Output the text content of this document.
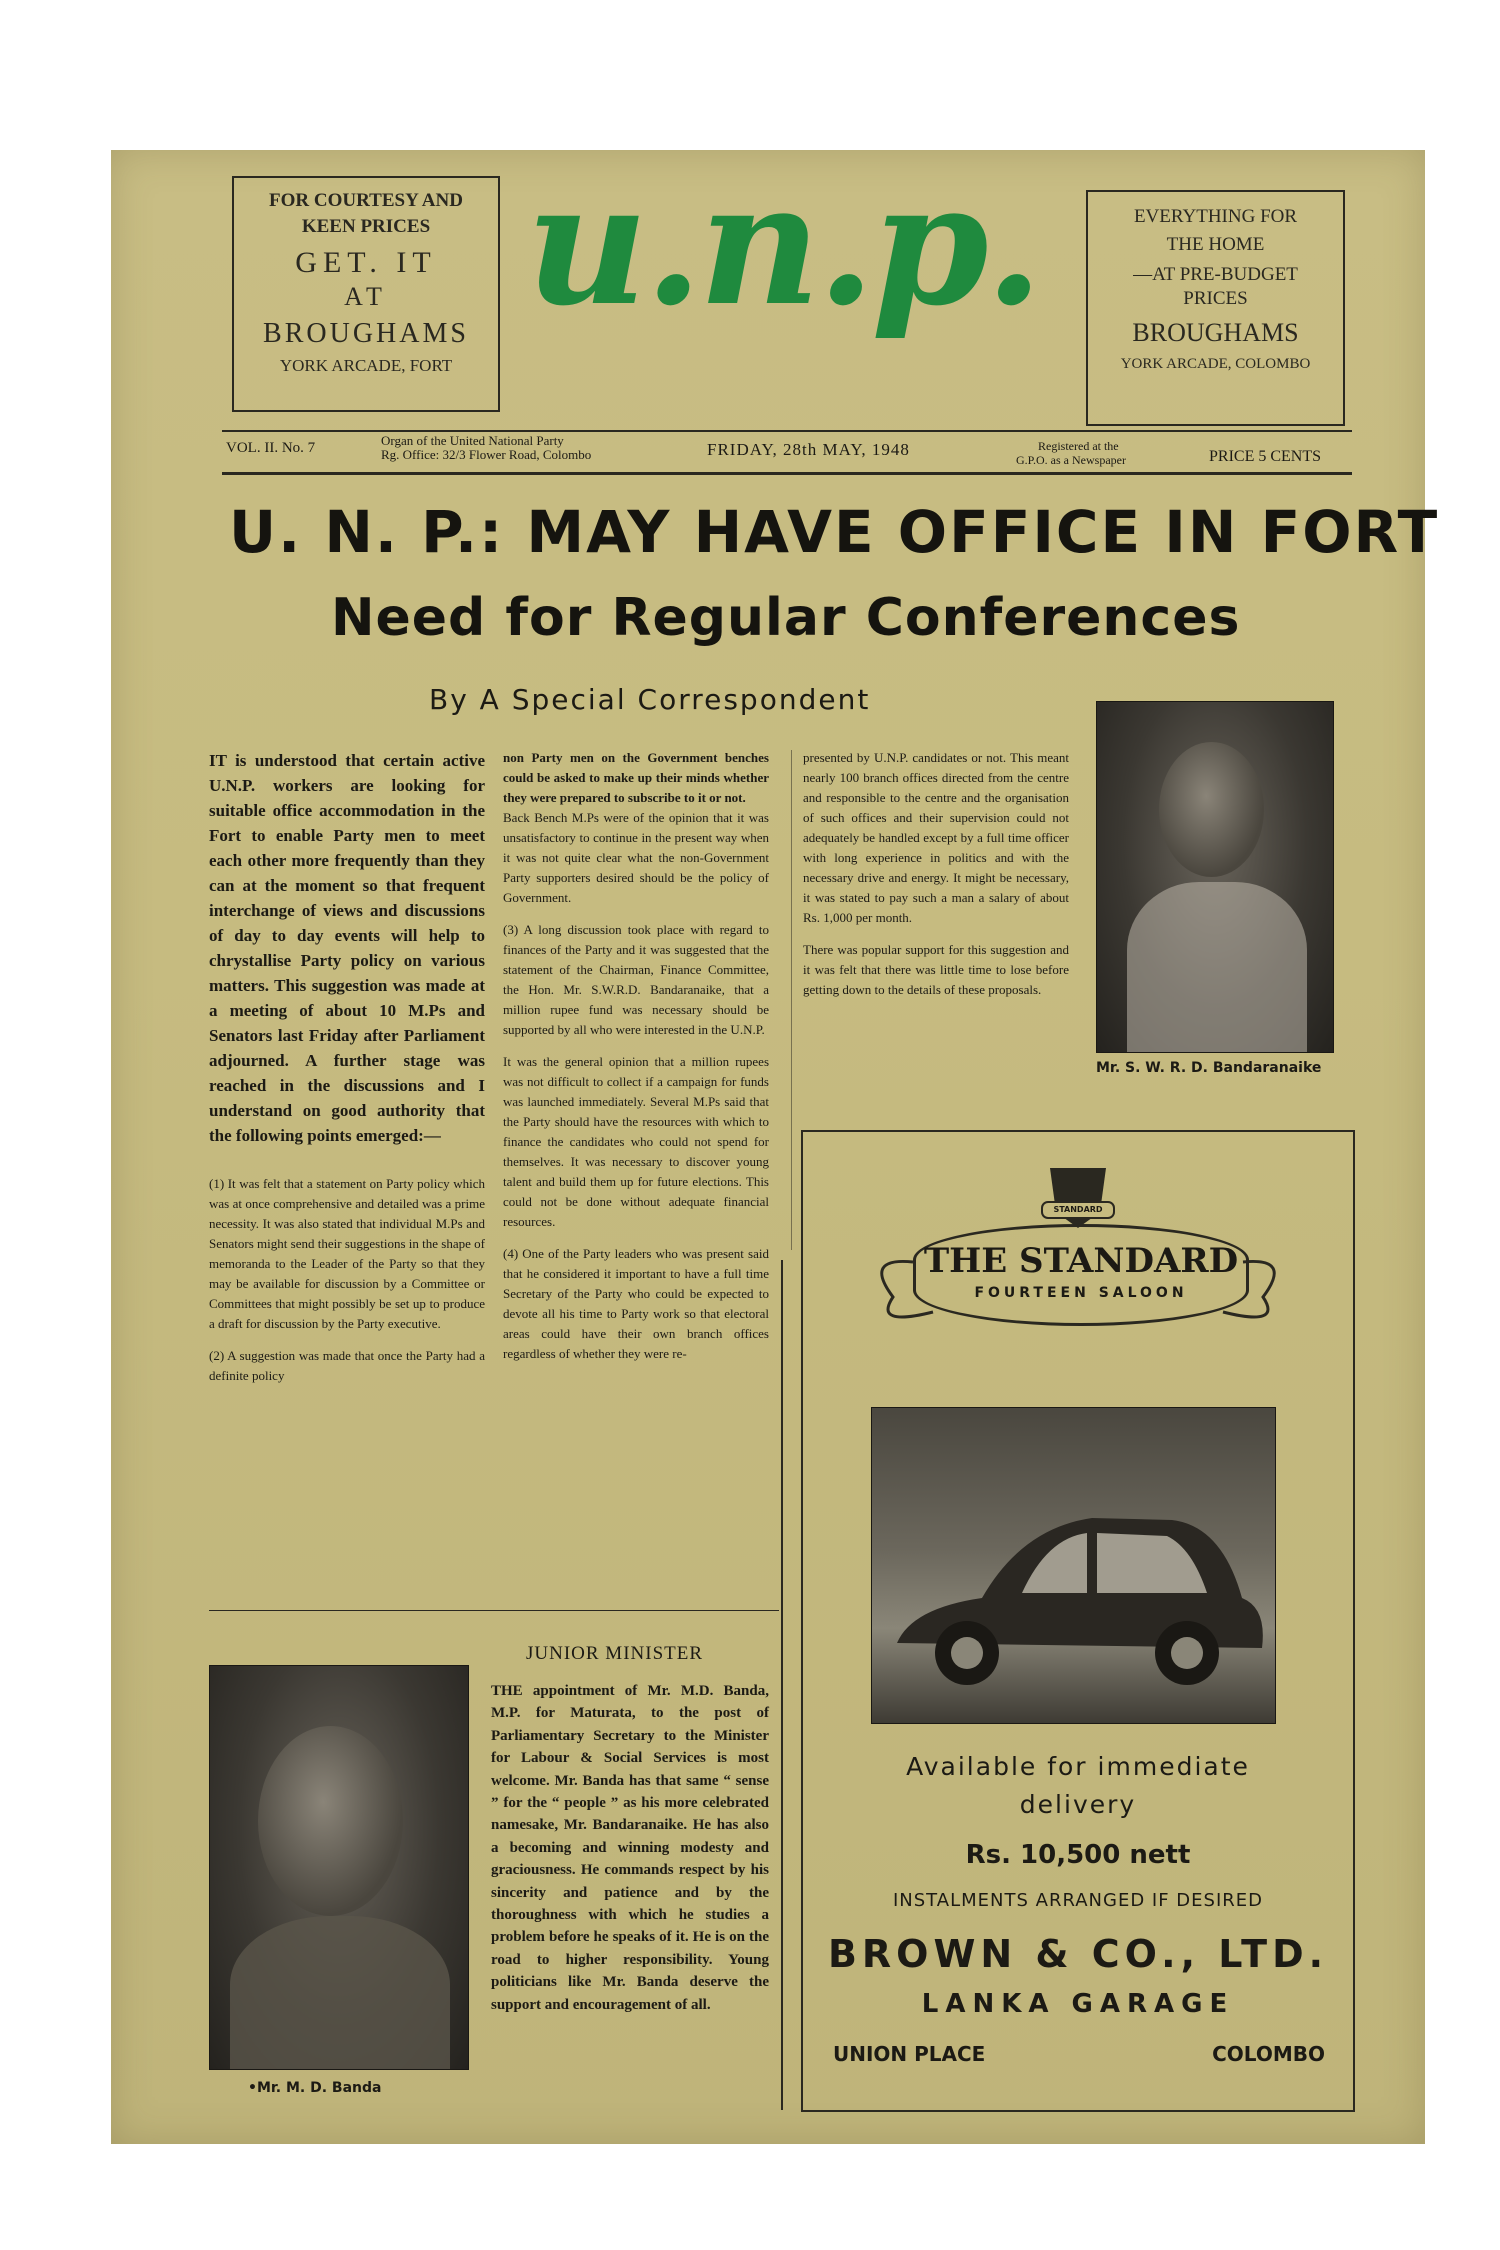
FOR COURTESY AND
KEEN PRICES
GET. IT
AT
BROUGHAMS
YORK ARCADE, FORT
u.n.p.	EVERYTHING FOR
THE HOME
—AT PRE-BUDGET
PRICES
BROUGHAMS
YORK ARCADE, COLOMBO
VOL. II. No. 7	Organ of the United National Party
Rg. Office: 32/3 Flower Road, Colombo	FRIDAY, 28th MAY, 1948	Registered at the
G.P.O. as a Newspaper	PRICE 5 CENTS
U. N. P.: MAY HAVE OFFICE IN FORT
Need for Regular Conferences
By A Special Correspondent

IT is understood that certain active U.N.P. workers are looking for suitable office accommodation in the Fort to enable Party men to meet each other more frequently than they can at the moment so that frequent interchange of views and discussions of day to day events will help to chrystallise Party policy on various matters. This suggestion was made at a meeting of about 10 M.Ps and Senators last Friday after Parliament adjourned. A further stage was reached in the discussions and I understand on good authority that the following points emerged:—

(1) It was felt that a statement on Party policy which was at once comprehensive and detailed was a prime necessity. It was also stated that individual M.Ps and Senators might send their suggestions in the shape of memoranda to the Leader of the Party so that they may be available for discussion by a Committee or Committees that might possibly be set up to produce a draft for discussion by the Party executive.

(2) A suggestion was made that once the Party had a definite policy

non Party men on the Government benches could be asked to make up their minds whether they were prepared to subscribe to it or not.

Back Bench M.Ps were of the opinion that it was unsatisfactory to continue in the present way when it was not quite clear what the non-Government Party supporters desired should be the policy of Government.

(3) A long discussion took place with regard to finances of the Party and it was suggested that the statement of the Chairman, Finance Committee, the Hon. Mr. S.W.R.D. Bandaranaike, that a million rupee fund was necessary should be supported by all who were interested in the U.N.P.

It was the general opinion that a million rupees was not difficult to collect if a campaign for funds was launched immediately. Several M.Ps said that the Party should have the resources with which to finance the candidates who could not spend for themselves. It was necessary to discover young talent and build them up for future elections. This could not be done without adequate financial resources.

(4) One of the Party leaders who was present said that he considered it important to have a full time Secretary of the Party who could be expected to devote all his time to Party work so that electoral areas could have their own branch offices regardless of whether they were re-

presented by U.N.P. candidates or not. This meant nearly 100 branch offices directed from the centre and responsible to the centre and the organisation of such offices and their supervision could not adequately be handled except by a full time officer with long experience in politics and with the necessary drive and energy. It might be necessary, it was stated to pay such a man a salary of about Rs. 1,000 per month.

There was popular support for this suggestion and it was felt that there was little time to lose before getting down to the details of these proposals.

Mr. S. W. R. D. Bandaranaike
•Mr. M. D. Banda
JUNIOR MINISTER
THE appointment of Mr. M.D. Banda, M.P. for Maturata, to the post of Parliamentary Secretary to the Minister for Labour & Social Services is most welcome. Mr. Banda has that same “ sense ” for the “ people ” as his more celebrated namesake, Mr. Bandaranaike. He has also a becoming and winning modesty and graciousness. He commands respect by his sincerity and patience and by the thoroughness with which he studies a problem before he speaks of it. He is on the road to higher responsibility. Young politicians like Mr. Banda deserve the support and encouragement of all.
STANDARD
THE STANDARD
FOURTEEN SALOON
Available for immediate
delivery
Rs. 10,500 nett
INSTALMENTS ARRANGED IF DESIRED
BROWN & CO., LTD.
LANKA GARAGE
UNION PLACE	COLOMBO
